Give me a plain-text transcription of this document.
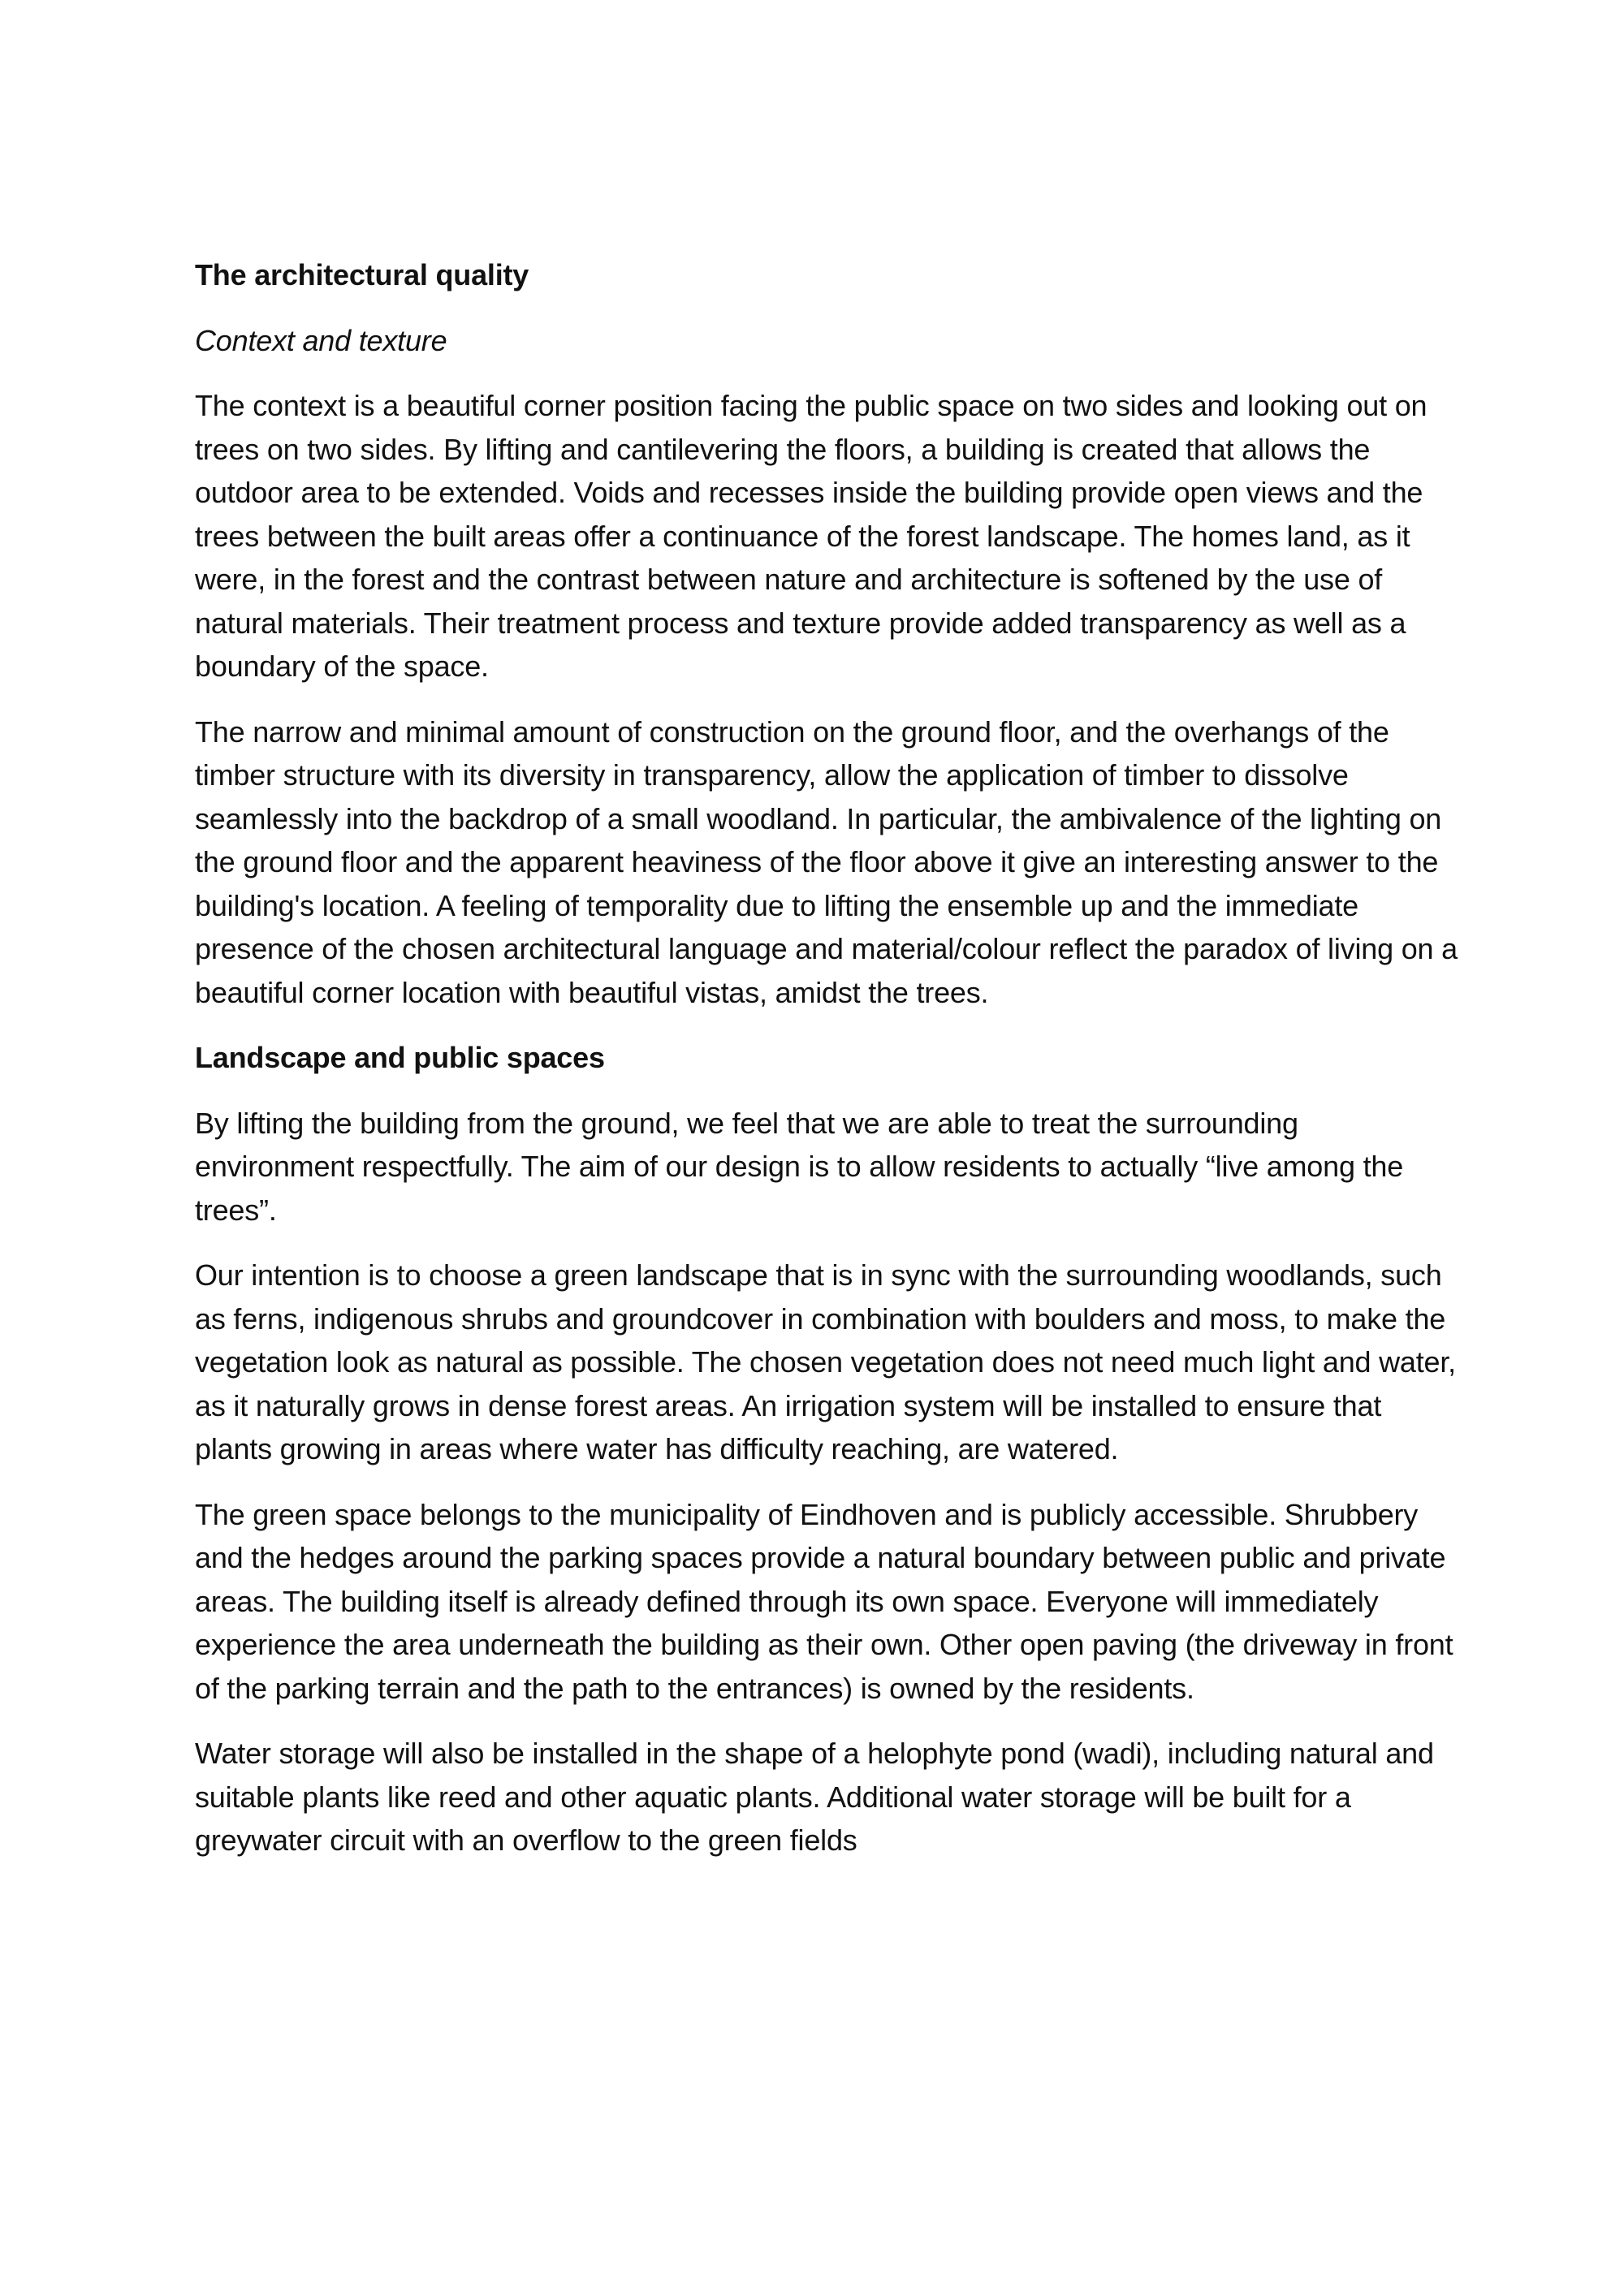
The architectural quality

Context and texture

The context is a beautiful corner position facing the public space on two sides and looking out on trees on two sides. By lifting and cantilevering the floors, a building is created that allows the outdoor area to be extended. Voids and recesses inside the building provide open views and the trees between the built areas offer a continuance of the forest landscape. The homes land, as it were, in the forest and the contrast between nature and architecture is softened by the use of natural materials. Their treatment process and texture provide added transparency as well as a boundary of the space.

The narrow and minimal amount of construction on the ground floor, and the overhangs of the timber structure with its diversity in transparency, allow the application of timber to dissolve seamlessly into the backdrop of a small woodland. In particular, the ambivalence of the lighting on the ground floor and the apparent heaviness of the floor above it give an interesting answer to the building's location. A feeling of temporality due to lifting the ensemble up and the immediate presence of the chosen architectural language and material/colour reflect the paradox of living on a beautiful corner location with beautiful vistas, amidst the trees.

Landscape and public spaces

By lifting the building from the ground, we feel that we are able to treat the surrounding environment respectfully. The aim of our design is to allow residents to actually “live among the trees”.

Our intention is to choose a green landscape that is in sync with the surrounding woodlands, such as ferns, indigenous shrubs and groundcover in combination with boulders and moss, to make the vegetation look as natural as possible. The chosen vegetation does not need much light and water, as it naturally grows in dense forest areas. An irrigation system will be installed to ensure that plants growing in areas where water has difficulty reaching, are watered.

The green space belongs to the municipality of Eindhoven and is publicly accessible. Shrubbery and the hedges around the parking spaces provide a natural boundary between public and private areas. The building itself is already defined through its own space. Everyone will immediately experience the area underneath the building as their own. Other open paving (the driveway in front of the parking terrain and the path to the entrances) is owned by the residents.

Water storage will also be installed in the shape of a helophyte pond (wadi), including natural and suitable plants like reed and other aquatic plants. Additional water storage will be built for a greywater circuit with an overflow to the green fields
